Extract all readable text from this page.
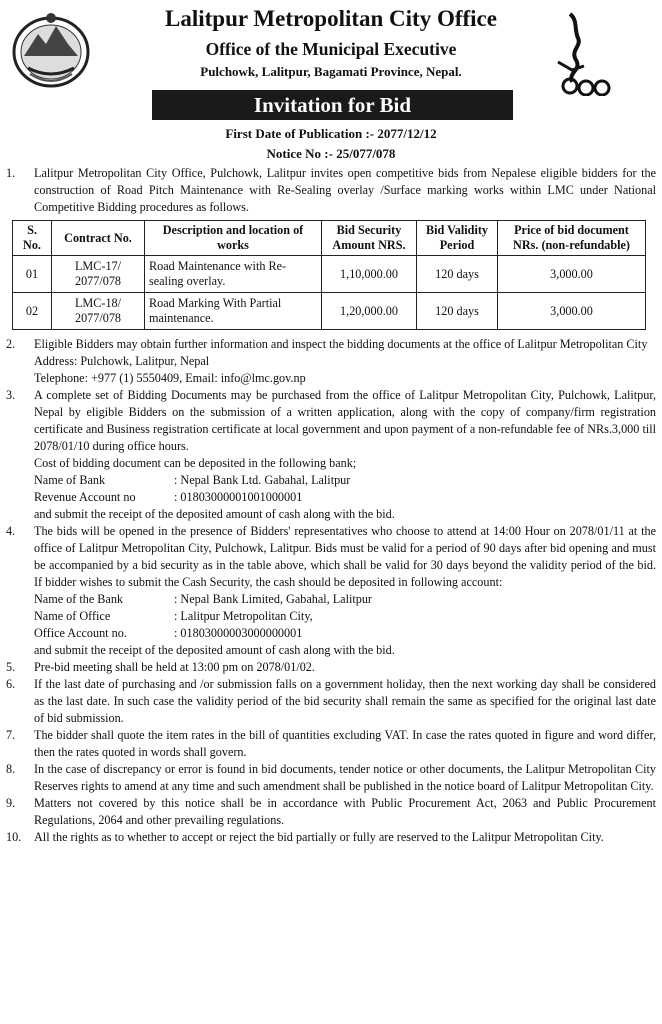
Lalitpur Metropolitan City Office
Office of the Municipal Executive
Pulchowk, Lalitpur, Bagamati Province, Nepal.
Invitation for Bid
First Date of Publication :- 2077/12/12
Notice No :- 25/077/078
1.	Lalitpur Metropolitan City Office, Pulchowk, Lalitpur invites open competitive bids from Nepalese eligible bidders for the construction of Road Pitch Maintenance with Re-Sealing overlay /Surface marking works within LMC under National Competitive Bidding procedures as follows.
S. No.	Contract No.	Description and location of works	Bid Security Amount NRS.	Bid Validity Period	Price of bid document NRs. (non-refundable)
01	LMC-17/ 2077/078	Road Maintenance with Re-sealing overlay.	1,10,000.00	120 days	3,000.00
02	LMC-18/ 2077/078	Road Marking With Partial maintenance.	1,20,000.00	120 days	3,000.00
2.	Eligible Bidders may obtain further information and inspect the bidding documents at the office of Lalitpur Metropolitan City
Address: Pulchowk, Lalitpur, Nepal
Telephone: +977 (1) 5550409, Email: info@lmc.gov.np
3.	A complete set of Bidding Documents may be purchased from the office of Lalitpur Metropolitan City, Pulchowk, Lalitpur, Nepal by eligible Bidders on the submission of a written application, along with the copy of company/firm registration certificate and Business registration certificate at local government and upon payment of a non-refundable fee of NRs.3,000 till 2078/01/10 during office hours.
Cost of bidding document can be deposited in the following bank;
Name of Bank	: Nepal Bank Ltd. Gabahal, Lalitpur
Revenue Account no	: 01803000001001000001
and submit the receipt of the deposited amount of cash along with the bid.
4.	The bids will be opened in the presence of Bidders' representatives who choose to attend at 14:00 Hour on 2078/01/11 at the office of Lalitpur Metropolitan City, Pulchowk, Lalitpur. Bids must be valid for a period of 90 days after bid opening and must be accompanied by a bid security as in the table above, which shall be valid for 30 days beyond the validity period of the bid. If bidder wishes to submit the Cash Security, the cash should be deposited in following account:
Name of the Bank	: Nepal Bank Limited, Gabahal, Lalitpur
Name of Office	: Lalitpur Metropolitan City,
Office Account no.	: 01803000003000000001
and submit the receipt of the deposited amount of cash along with the bid.
5.	Pre-bid meeting shall be held at 13:00 pm on 2078/01/02.
6.	If the last date of purchasing and /or submission falls on a government holiday, then the next working day shall be considered as the last date. In such case the validity period of the bid security shall remain the same as specified for the original last date of bid submission.
7.	The bidder shall quote the item rates in the bill of quantities excluding VAT. In case the rates quoted in figure and word differ, then the rates quoted in words shall govern.
8.	In the case of discrepancy or error is found in bid documents, tender notice or other documents, the Lalitpur Metropolitan City Reserves rights to amend at any time and such amendment shall be published in the notice board of Lalitpur Metropolitan City.
9.	Matters not covered by this notice shall be in accordance with Public Procurement Act, 2063 and Public Procurement Regulations, 2064 and other prevailing regulations.
10.	All the rights as to whether to accept or reject the bid partially or fully are reserved to the Lalitpur Metropolitan City.
